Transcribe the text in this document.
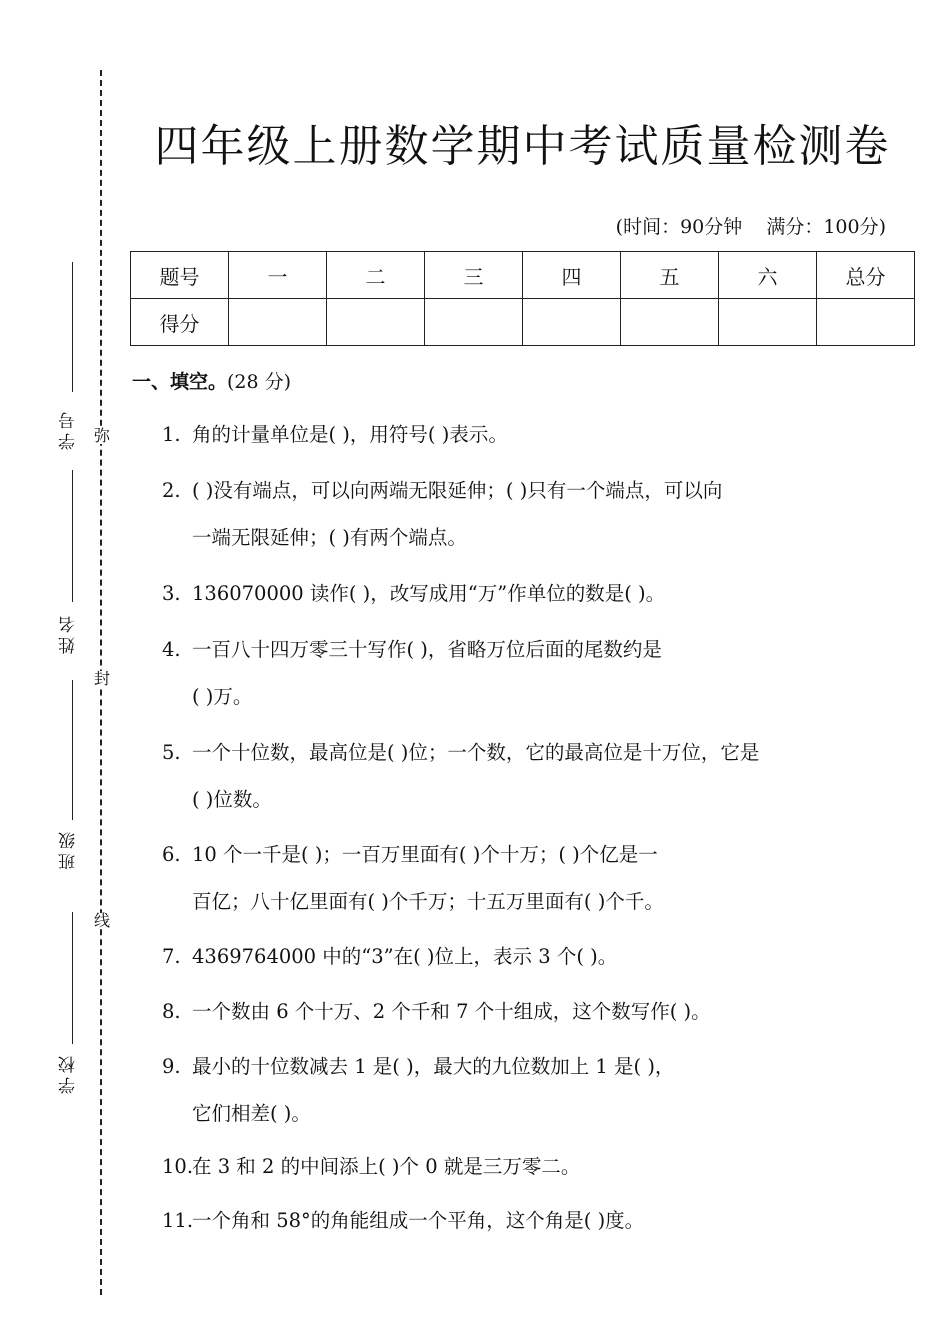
弥
封
线
学号
姓名
班级
学校
四年级上册数学期中考试质量检测卷
(时间：90分钟 满分：100分)
题号	一	二	三	四	五	六	总分
得分							
一、填空。(28 分)
1. 角的计量单位是( )，用符号( )表示。
2. ( )没有端点，可以向两端无限延伸；( )只有一个端点，可以向
一端无限延伸；( )有两个端点。
3. 136070000 读作( )，改写成用“万”作单位的数是( )。
4. 一百八十四万零三十写作( )，省略万位后面的尾数约是
( )万。
5. 一个十位数，最高位是( )位；一个数，它的最高位是十万位，它是
( )位数。
6. 10 个一千是( )；一百万里面有( )个十万；( )个亿是一
百亿；八十亿里面有( )个千万；十五万里面有( )个千。
7. 4369764000 中的“3”在( )位上，表示 3 个( )。
8. 一个数由 6 个十万、2 个千和 7 个十组成，这个数写作( )。
9. 最小的十位数减去 1 是( )，最大的九位数加上 1 是( )，
它们相差( )。
10.在 3 和 2 的中间添上( )个 0 就是三万零二。
11.一个角和 58°的角能组成一个平角，这个角是( )度。
